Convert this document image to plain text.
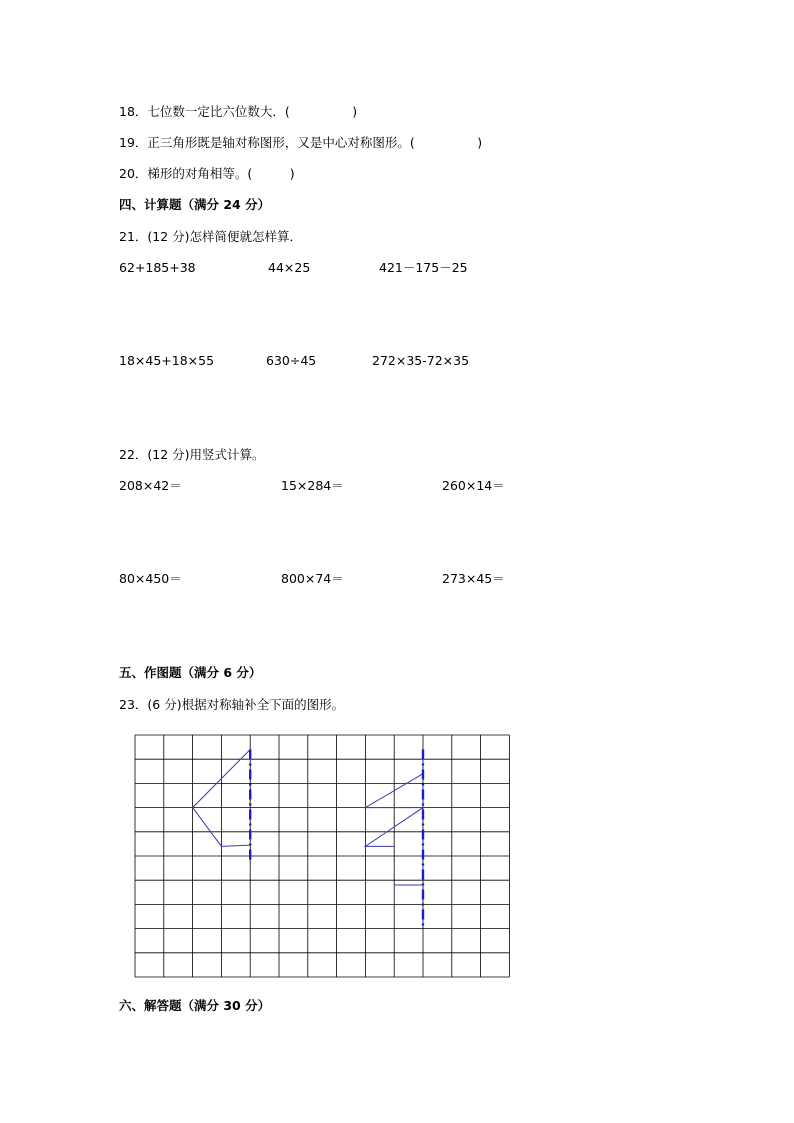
18．七位数一定比六位数大．(　　　　　)
19．正三角形既是轴对称图形，又是中心对称图形。(　　　　　)
20．梯形的对角相等。(　　　)
四、计算题（满分 24 分）
21．(12 分)怎样简便就怎样算．
62+185+38	44×25	421－175－25
18×45+18×55	630÷45	272×35-72×35
22．(12 分)用竖式计算。
208×42＝	15×284＝	260×14＝
80×450＝	800×74＝	273×45＝
五、作图题（满分 6 分）
23．(6 分)根据对称轴补全下面的图形。
六、解答题（满分 30 分）
